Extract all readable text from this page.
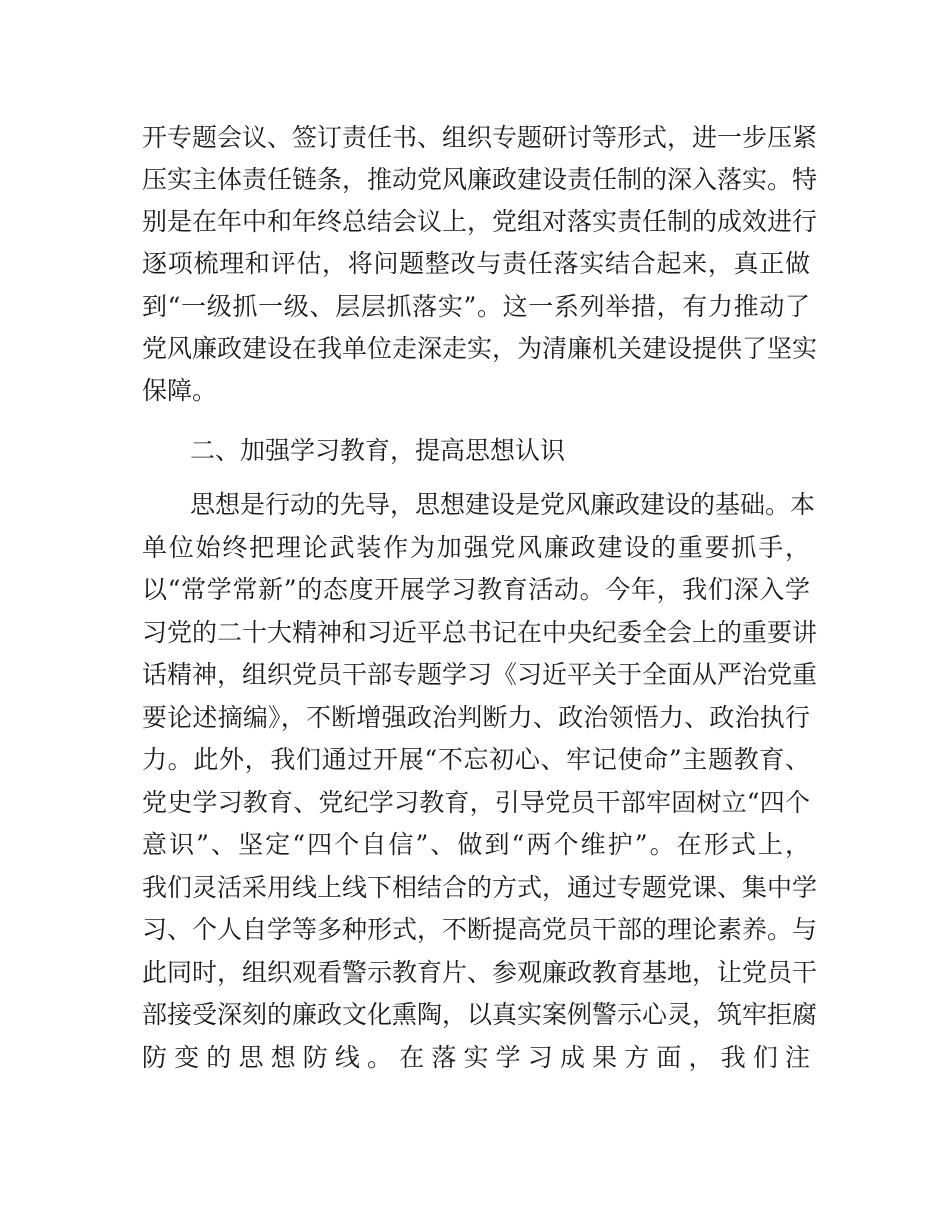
开专题会议、签订责任书、组织专题研讨等形式，进一步压紧
压实主体责任链条，推动党风廉政建设责任制的深入落实。特
别是在年中和年终总结会议上，党组对落实责任制的成效进行
逐项梳理和评估，将问题整改与责任落实结合起来，真正做
到“一级抓一级、层层抓落实”。这一系列举措，有力推动了
党风廉政建设在我单位走深走实，为清廉机关建设提供了坚实
保障。
二、加强学习教育，提高思想认识
思想是行动的先导，思想建设是党风廉政建设的基础。本
单位始终把理论武装作为加强党风廉政建设的重要抓手，
以“常学常新”的态度开展学习教育活动。今年，我们深入学
习党的二十大精神和习近平总书记在中央纪委全会上的重要讲
话精神，组织党员干部专题学习《习近平关于全面从严治党重
要论述摘编》，不断增强政治判断力、政治领悟力、政治执行
力。此外，我们通过开展“不忘初心、牢记使命”主题教育、
党史学习教育、党纪学习教育，引导党员干部牢固树立“四个
意识”、坚定“四个自信”、做到“两个维护”。在形式上，
我们灵活采用线上线下相结合的方式，通过专题党课、集中学
习、个人自学等多种形式，不断提高党员干部的理论素养。与
此同时，组织观看警示教育片、参观廉政教育基地，让党员干
部接受深刻的廉政文化熏陶，以真实案例警示心灵，筑牢拒腐
防变的思想防线。在落实学习成果方面，我们注
